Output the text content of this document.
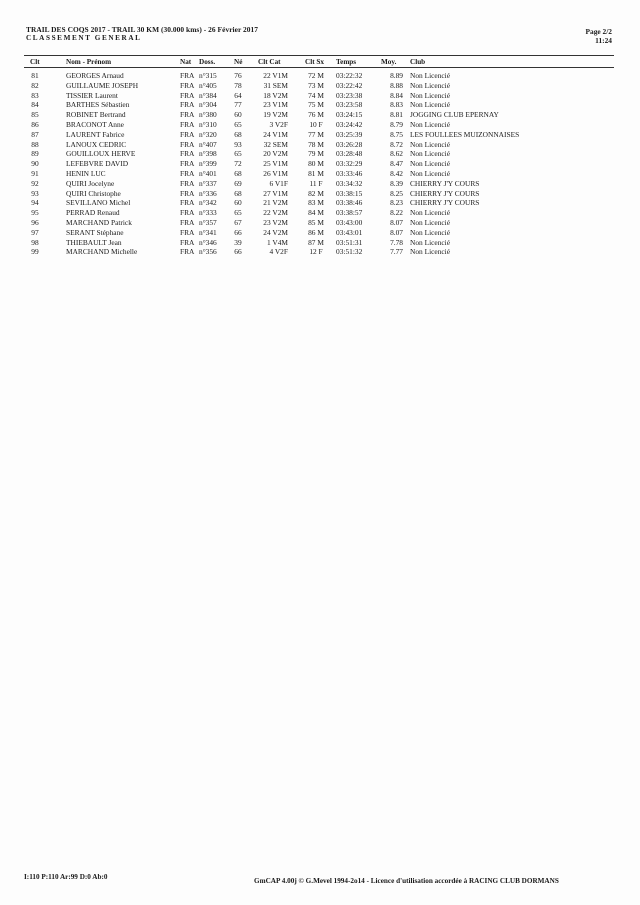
TRAIL DES COQS 2017 - TRAIL 30 KM (30.000 kms) - 26 Février 2017
CLASSEMENT GENERAL
Page 2/2
11:24
Clt	Nom - Prénom	Nat Doss.	Né Clt Cat	Clt Sx Temps	Moy. Club
81	GEORGES Arnaud	FRA n°315	76	22 V1M	72 M	03:22:32	8.89 Non Licencié
82	GUILLAUME JOSEPH	FRA n°405	78	31 SEM	73 M	03:22:42	8.88 Non Licencié
83	TISSIER Laurent	FRA n°384	64	18 V2M	74 M	03:23:38	8.84 Non Licencié
84	BARTHES Sébastien	FRA n°304	77	23 V1M	75 M	03:23:58	8.83 Non Licencié
85	ROBINET Bertrand	FRA n°380	60	19 V2M	76 M	03:24:15	8.81 JOGGING CLUB EPERNAY
86	BRACONOT Anne	FRA n°310	65	3 V2F	10 F	03:24:42	8.79 Non Licencié
87	LAURENT Fabrice	FRA n°320	68	24 V1M	77 M	03:25:39	8.75 LES FOULLEES MUIZONNAISES
88	LANOUX CEDRIC	FRA n°407	93	32 SEM	78 M	03:26:28	8.72 Non Licencié
89	GOUILLOUX HERVE	FRA n°398	65	20 V2M	79 M	03:28:48	8.62 Non Licencié
90	LEFEBVRE DAVID	FRA n°399	72	25 V1M	80 M	03:32:29	8.47 Non Licencié
91	HENIN LUC	FRA n°401	68	26 V1M	81 M	03:33:46	8.42 Non Licencié
92	QUIRI Jocelyne	FRA n°337	69	6 V1F	11 F	03:34:32	8.39 CHIERRY J'Y COURS
93	QUIRI Christophe	FRA n°336	68	27 V1M	82 M	03:38:15	8.25 CHIERRY J'Y COURS
94	SEVILLANO Michel	FRA n°342	60	21 V2M	83 M	03:38:46	8.23 CHIERRY J'Y COURS
95	PERRAD Renaud	FRA n°333	65	22 V2M	84 M	03:38:57	8.22 Non Licencié
96	MARCHAND Patrick	FRA n°357	67	23 V2M	85 M	03:43:00	8.07 Non Licencié
97	SERANT Stéphane	FRA n°341	66	24 V2M	86 M	03:43:01	8.07 Non Licencié
98	THIEBAULT Jean	FRA n°346	39	1 V4M	87 M	03:51:31	7.78 Non Licencié
99	MARCHAND Michelle	FRA n°356	66	4 V2F	12 F	03:51:32	7.77 Non Licencié
I:110 P:110 Ar:99 D:0 Ab:0	GmCAP 4.00j © G.Mevel 1994-2o14 - Licence d'utilisation accordée à RACING CLUB DORMANS
